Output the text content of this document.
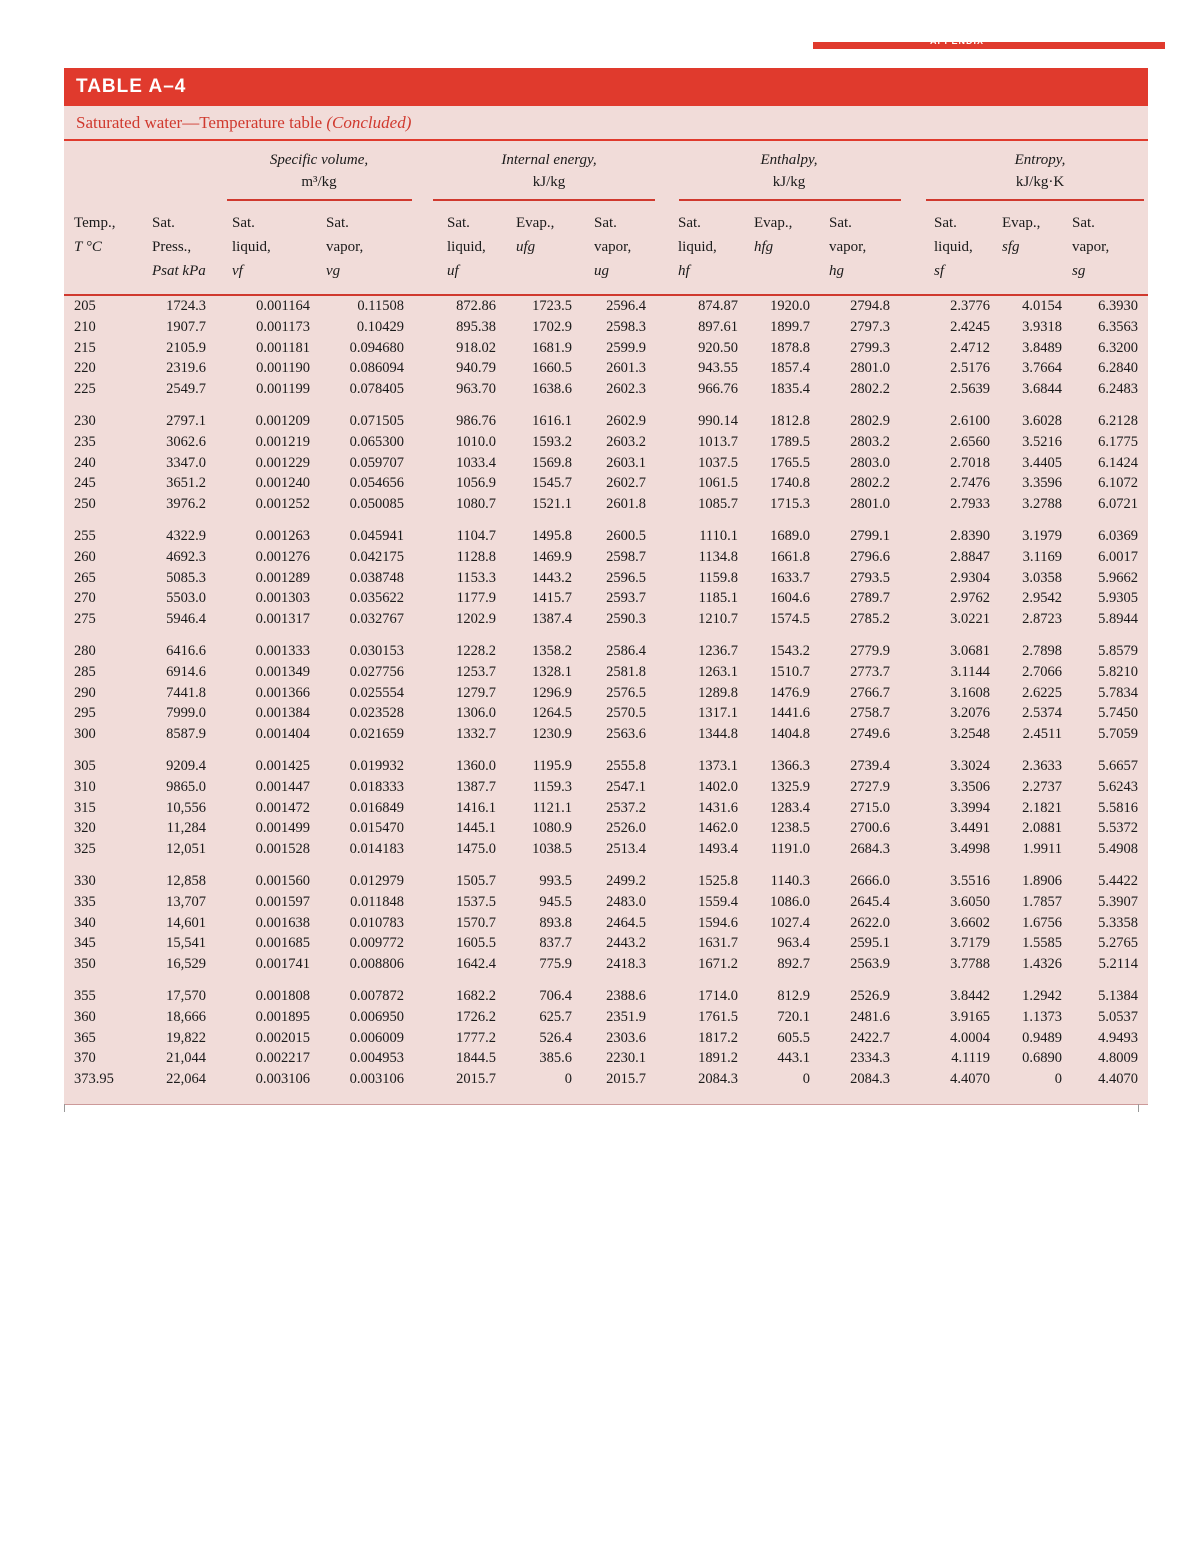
APPENDIX
TABLE A–4
Saturated water—Temperature table (Concluded)
Specific volume,
m³/kg
Internal energy,
kJ/kg
Enthalpy,
kJ/kg
Entropy,
kJ/kg·K
Temp.,
T °C
Sat.
Press.,
Psat kPa
Sat.
liquid,
vf
Sat.
vapor,
vg
Sat.
liquid,
uf
Evap.,
ufg
Sat.
vapor,
ug
Sat.
liquid,
hf
Evap.,
hfg
Sat.
vapor,
hg
Sat.
liquid,
sf
Evap.,
sfg
Sat.
vapor,
sg
205	1724.3	0.001164	0.11508	872.86	1723.5	2596.4	874.87	1920.0	2794.8	2.3776	4.0154	6.3930
210	1907.7	0.001173	0.10429	895.38	1702.9	2598.3	897.61	1899.7	2797.3	2.4245	3.9318	6.3563
215	2105.9	0.001181	0.094680	918.02	1681.9	2599.9	920.50	1878.8	2799.3	2.4712	3.8489	6.3200
220	2319.6	0.001190	0.086094	940.79	1660.5	2601.3	943.55	1857.4	2801.0	2.5176	3.7664	6.2840
225	2549.7	0.001199	0.078405	963.70	1638.6	2602.3	966.76	1835.4	2802.2	2.5639	3.6844	6.2483
230	2797.1	0.001209	0.071505	986.76	1616.1	2602.9	990.14	1812.8	2802.9	2.6100	3.6028	6.2128
235	3062.6	0.001219	0.065300	1010.0	1593.2	2603.2	1013.7	1789.5	2803.2	2.6560	3.5216	6.1775
240	3347.0	0.001229	0.059707	1033.4	1569.8	2603.1	1037.5	1765.5	2803.0	2.7018	3.4405	6.1424
245	3651.2	0.001240	0.054656	1056.9	1545.7	2602.7	1061.5	1740.8	2802.2	2.7476	3.3596	6.1072
250	3976.2	0.001252	0.050085	1080.7	1521.1	2601.8	1085.7	1715.3	2801.0	2.7933	3.2788	6.0721
255	4322.9	0.001263	0.045941	1104.7	1495.8	2600.5	1110.1	1689.0	2799.1	2.8390	3.1979	6.0369
260	4692.3	0.001276	0.042175	1128.8	1469.9	2598.7	1134.8	1661.8	2796.6	2.8847	3.1169	6.0017
265	5085.3	0.001289	0.038748	1153.3	1443.2	2596.5	1159.8	1633.7	2793.5	2.9304	3.0358	5.9662
270	5503.0	0.001303	0.035622	1177.9	1415.7	2593.7	1185.1	1604.6	2789.7	2.9762	2.9542	5.9305
275	5946.4	0.001317	0.032767	1202.9	1387.4	2590.3	1210.7	1574.5	2785.2	3.0221	2.8723	5.8944
280	6416.6	0.001333	0.030153	1228.2	1358.2	2586.4	1236.7	1543.2	2779.9	3.0681	2.7898	5.8579
285	6914.6	0.001349	0.027756	1253.7	1328.1	2581.8	1263.1	1510.7	2773.7	3.1144	2.7066	5.8210
290	7441.8	0.001366	0.025554	1279.7	1296.9	2576.5	1289.8	1476.9	2766.7	3.1608	2.6225	5.7834
295	7999.0	0.001384	0.023528	1306.0	1264.5	2570.5	1317.1	1441.6	2758.7	3.2076	2.5374	5.7450
300	8587.9	0.001404	0.021659	1332.7	1230.9	2563.6	1344.8	1404.8	2749.6	3.2548	2.4511	5.7059
305	9209.4	0.001425	0.019932	1360.0	1195.9	2555.8	1373.1	1366.3	2739.4	3.3024	2.3633	5.6657
310	9865.0	0.001447	0.018333	1387.7	1159.3	2547.1	1402.0	1325.9	2727.9	3.3506	2.2737	5.6243
315	10,556	0.001472	0.016849	1416.1	1121.1	2537.2	1431.6	1283.4	2715.0	3.3994	2.1821	5.5816
320	11,284	0.001499	0.015470	1445.1	1080.9	2526.0	1462.0	1238.5	2700.6	3.4491	2.0881	5.5372
325	12,051	0.001528	0.014183	1475.0	1038.5	2513.4	1493.4	1191.0	2684.3	3.4998	1.9911	5.4908
330	12,858	0.001560	0.012979	1505.7	993.5	2499.2	1525.8	1140.3	2666.0	3.5516	1.8906	5.4422
335	13,707	0.001597	0.011848	1537.5	945.5	2483.0	1559.4	1086.0	2645.4	3.6050	1.7857	5.3907
340	14,601	0.001638	0.010783	1570.7	893.8	2464.5	1594.6	1027.4	2622.0	3.6602	1.6756	5.3358
345	15,541	0.001685	0.009772	1605.5	837.7	2443.2	1631.7	963.4	2595.1	3.7179	1.5585	5.2765
350	16,529	0.001741	0.008806	1642.4	775.9	2418.3	1671.2	892.7	2563.9	3.7788	1.4326	5.2114
355	17,570	0.001808	0.007872	1682.2	706.4	2388.6	1714.0	812.9	2526.9	3.8442	1.2942	5.1384
360	18,666	0.001895	0.006950	1726.2	625.7	2351.9	1761.5	720.1	2481.6	3.9165	1.1373	5.0537
365	19,822	0.002015	0.006009	1777.2	526.4	2303.6	1817.2	605.5	2422.7	4.0004	0.9489	4.9493
370	21,044	0.002217	0.004953	1844.5	385.6	2230.1	1891.2	443.1	2334.3	4.1119	0.6890	4.8009
373.95	22,064	0.003106	0.003106	2015.7	0	2015.7	2084.3	0	2084.3	4.4070	0	4.4070
